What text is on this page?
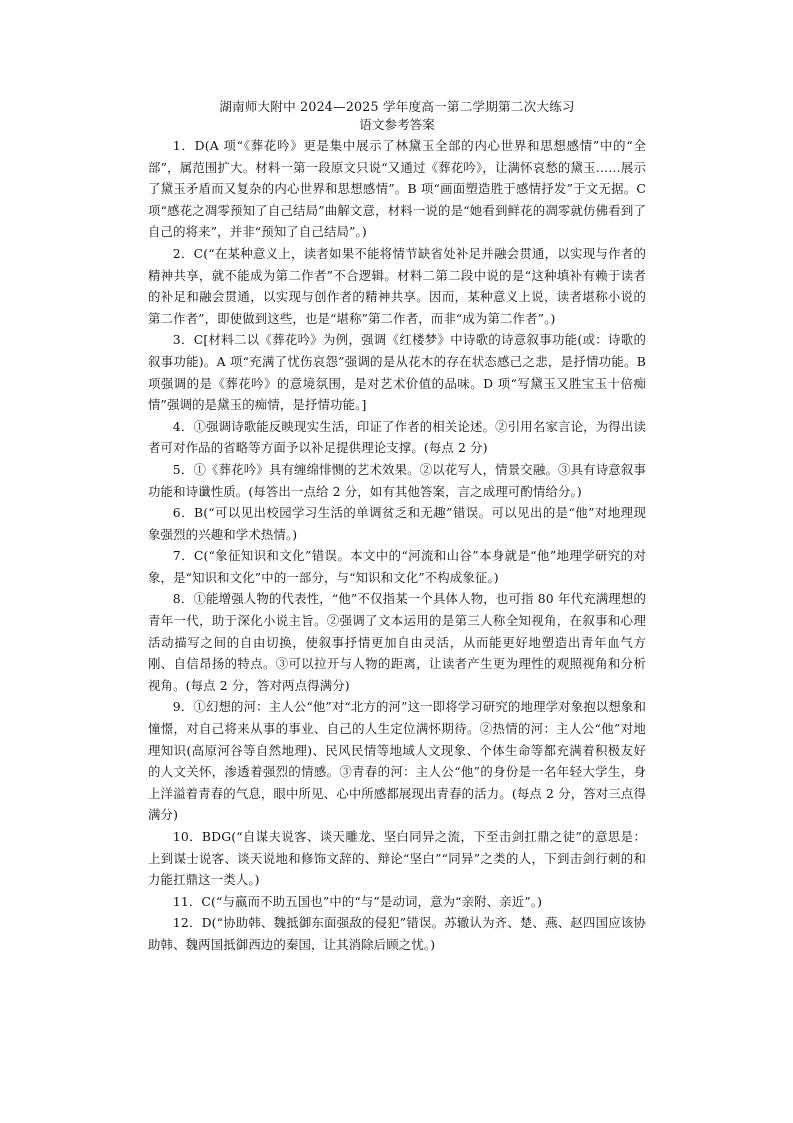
湖南师大附中 2024—2025 学年度高一第二学期第二次大练习

语文参考答案

1．D(A 项“《葬花吟》更是集中展示了林黛玉全部的内心世界和思想感情”中的“全部”，属范围扩大。材料一第一段原文只说“又通过《葬花吟》，让满怀哀愁的黛玉……展示了黛玉矛盾而又复杂的内心世界和思想感情”。B 项“画面塑造胜于感情抒发”于文无据。C 项“感花之凋零预知了自己结局”曲解文意，材料一说的是“她看到鲜花的凋零就仿佛看到了自己的将来”，并非“预知了自己结局”。)

2．C(“在某种意义上，读者如果不能将情节缺省处补足并融会贯通，以实现与作者的精神共享，就不能成为第二作者”不合逻辑。材料二第二段中说的是“这种填补有赖于读者的补足和融会贯通，以实现与创作者的精神共享。因而，某种意义上说，读者堪称小说的第二作者”，即使做到这些，也是“堪称”第二作者，而非“成为第二作者”。)

3．C[材料二以《葬花吟》为例，强调《红楼梦》中诗歌的诗意叙事功能(或：诗歌的叙事功能)。A 项“充满了忧伤哀怨”强调的是从花木的存在状态感己之悲，是抒情功能。B 项强调的是《葬花吟》的意境氛围，是对艺术价值的品味。D 项“写黛玉又胜宝玉十倍痴情”强调的是黛玉的痴情，是抒情功能。]

4．①强调诗歌能反映现实生活，印证了作者的相关论述。②引用名家言论，为得出读者可对作品的省略等方面予以补足提供理论支撑。(每点 2 分)

5．①《葬花吟》具有缠绵悱恻的艺术效果。②以花写人，情景交融。③具有诗意叙事功能和诗谶性质。(每答出一点给 2 分，如有其他答案，言之成理可酌情给分。)

6．B(“可以见出校园学习生活的单调贫乏和无趣”错误。可以见出的是“他”对地理现象强烈的兴趣和学术热情。)

7．C(“象征知识和文化”错误。本文中的“河流和山谷”本身就是“他”地理学研究的对象，是“知识和文化”中的一部分，与“知识和文化”不构成象征。)

8．①能增强人物的代表性，“他”不仅指某一个具体人物，也可指 80 年代充满理想的青年一代，助于深化小说主旨。②强调了文本运用的是第三人称全知视角，在叙事和心理活动描写之间的自由切换，使叙事抒情更加自由灵活，从而能更好地塑造出青年血气方刚、自信昂扬的特点。③可以拉开与人物的距离，让读者产生更为理性的观照视角和分析视角。(每点 2 分，答对两点得满分)

9．①幻想的河：主人公“他”对“北方的河”这一即将学习研究的地理学对象抱以想象和憧憬，对自己将来从事的事业、自己的人生定位满怀期待。②热情的河：主人公“他”对地理知识(高原河谷等自然地理)、民风民情等地域人文现象、个体生命等都充满着积极友好的人文关怀，渗透着强烈的情感。③青春的河：主人公“他”的身份是一名年轻大学生，身上洋溢着青春的气息，眼中所见、心中所感都展现出青春的活力。(每点 2 分，答对三点得满分)

10．BDG(“自谋夫说客、谈天雕龙、坚白同异之流，下至击剑扛鼎之徒”的意思是：上到谋士说客、谈天说地和修饰文辞的、辩论“坚白”“同异”之类的人，下到击剑行刺的和力能扛鼎这一类人。)

11．C(“与嬴而不助五国也”中的“与”是动词，意为“亲附、亲近”。)

12．D(“协助韩、魏抵御东面强敌的侵犯”错误。苏辙认为齐、楚、燕、赵四国应该协助韩、魏两国抵御西边的秦国，让其消除后顾之忧。)
